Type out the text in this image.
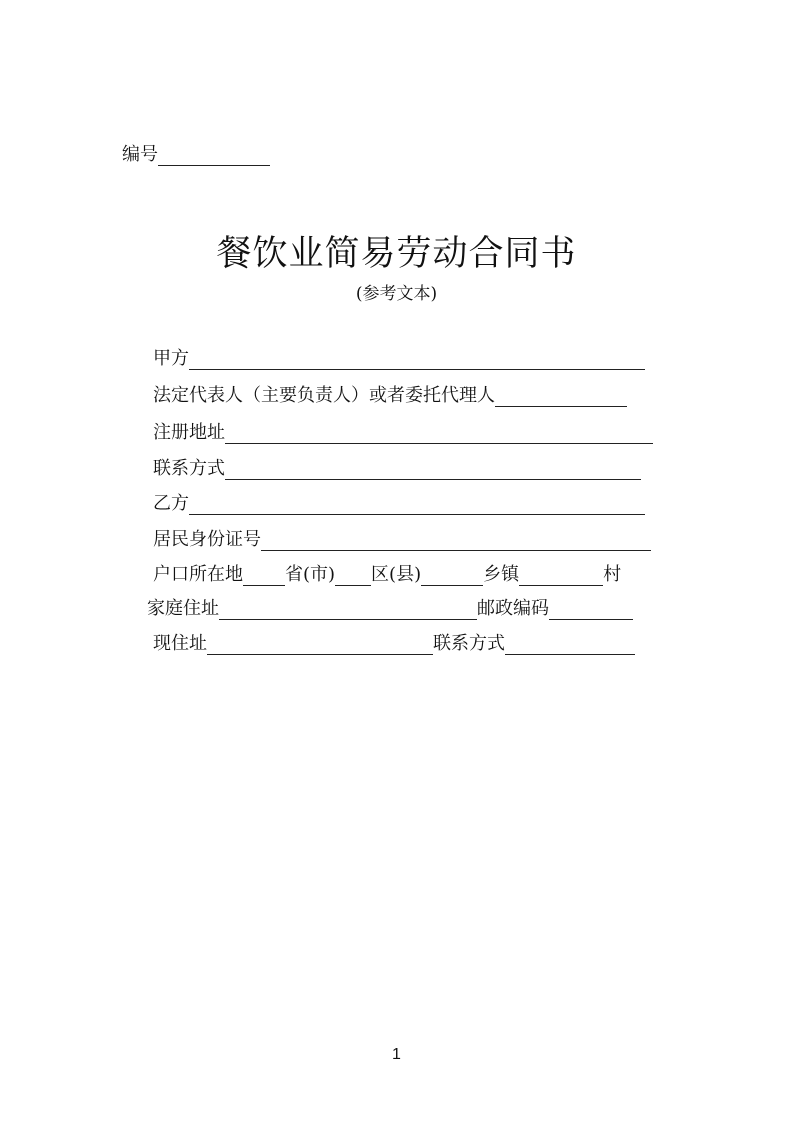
编号
餐饮业简易劳动合同书
(参考文本)
甲方
法定代表人（主要负责人）或者委托代理人
注册地址
联系方式
乙方
居民身份证号
户口所在地 省(市) 区(县)	乡镇	村
家庭住址	邮政编码
现住址	联系方式
1
